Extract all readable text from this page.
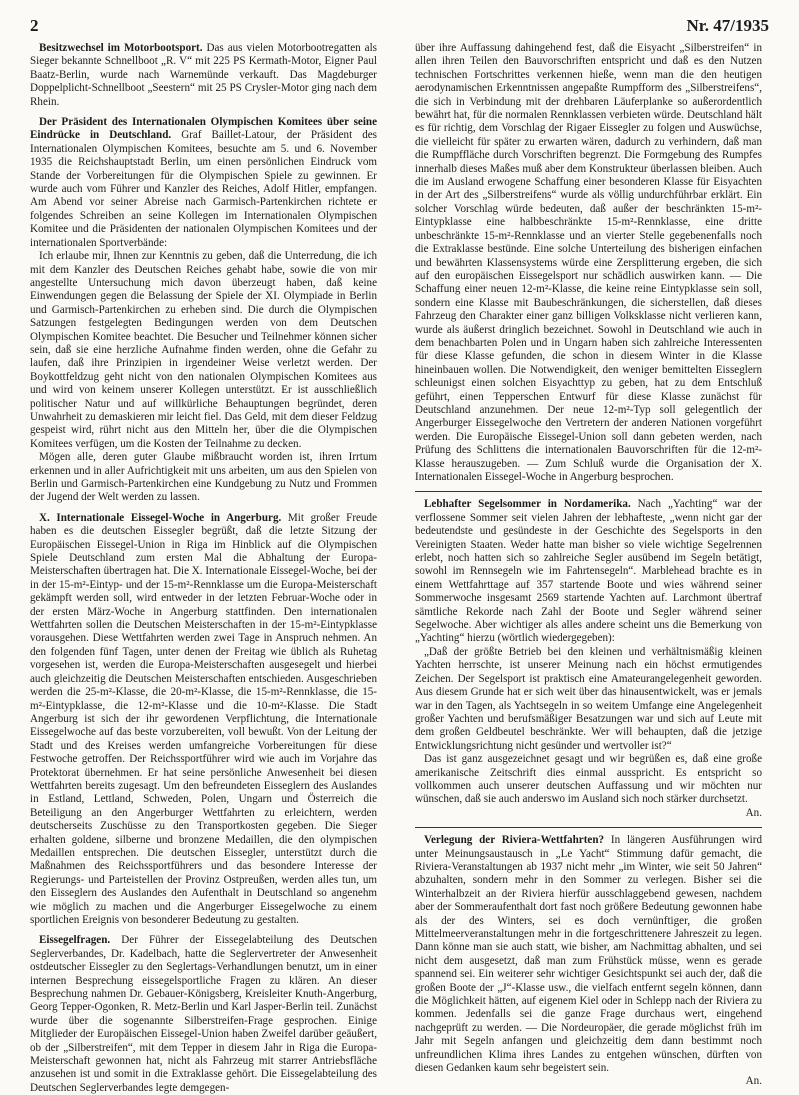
2	Nr. 47/1935

Besitzwechsel im Motorbootsport. Das aus vielen Motorbootregatten als Sieger bekannte Schnellboot „R. V“ mit 225 PS Kermath-Motor, Eigner Paul Baatz-Berlin, wurde nach Warnemünde verkauft. Das Magdeburger Doppelplicht-Schnellboot „Seestern“ mit 25 PS Crysler-Motor ging nach dem Rhein.

Der Präsident des Internationalen Olympischen Komitees über seine Eindrücke in Deutschland. Graf Baillet-Latour, der Präsident des Internationalen Olympischen Komitees, besuchte am 5. und 6. November 1935 die Reichshauptstadt Berlin, um einen persönlichen Eindruck vom Stande der Vorbereitungen für die Olympischen Spiele zu gewinnen. Er wurde auch vom Führer und Kanzler des Reiches, Adolf Hitler, empfangen. Am Abend vor seiner Abreise nach Garmisch-Partenkirchen richtete er folgendes Schreiben an seine Kollegen im Internationalen Olympischen Komitee und die Präsidenten der nationalen Olympischen Komitees und der internationalen Sportverbände:

Ich erlaube mir, Ihnen zur Kenntnis zu geben, daß die Unterredung, die ich mit dem Kanzler des Deutschen Reiches gehabt habe, sowie die von mir angestellte Untersuchung mich davon überzeugt haben, daß keine Einwendungen gegen die Belassung der Spiele der XI. Olympiade in Berlin und Garmisch-Partenkirchen zu erheben sind. Die durch die Olympischen Satzungen festgelegten Bedingungen werden von dem Deutschen Olympischen Komitee beachtet. Die Besucher und Teilnehmer können sicher sein, daß sie eine herzliche Aufnahme finden werden, ohne die Gefahr zu laufen, daß ihre Prinzipien in irgendeiner Weise verletzt werden. Der Boykottfeldzug geht nicht von den nationalen Olympischen Komitees aus und wird von keinem unserer Kollegen unterstützt. Er ist ausschließlich politischer Natur und auf willkürliche Behauptungen begründet, deren Unwahrheit zu demaskieren mir leicht fiel. Das Geld, mit dem dieser Feldzug gespeist wird, rührt nicht aus den Mitteln her, über die die Olympischen Komitees verfügen, um die Kosten der Teilnahme zu decken.

Mögen alle, deren guter Glaube mißbraucht worden ist, ihren Irrtum erkennen und in aller Aufrichtigkeit mit uns arbeiten, um aus den Spielen von Berlin und Garmisch-Partenkirchen eine Kundgebung zu Nutz und Frommen der Jugend der Welt werden zu lassen.

X. Internationale Eissegel-Woche in Angerburg. Mit großer Freude haben es die deutschen Eissegler begrüßt, daß die letzte Sitzung der Europäischen Eissegel-Union in Riga im Hinblick auf die Olympischen Spiele Deutschland zum ersten Mal die Abhaltung der Europa-Meisterschaften übertragen hat. Die X. Internationale Eissegel-Woche, bei der in der 15-m²-Eintyp- und der 15-m²-Rennklasse um die Europa-Meisterschaft gekämpft werden soll, wird entweder in der letzten Februar-Woche oder in der ersten März-Woche in Angerburg stattfinden. Den internationalen Wettfahrten sollen die Deutschen Meisterschaften in der 15-m²-Eintypklasse vorausgehen. Diese Wettfahrten werden zwei Tage in Anspruch nehmen. An den folgenden fünf Tagen, unter denen der Freitag wie üblich als Ruhetag vorgesehen ist, werden die Europa-Meisterschaften ausgesegelt und hierbei auch gleichzeitig die Deutschen Meisterschaften entschieden. Ausgeschrieben werden die 25-m²-Klasse, die 20-m²-Klasse, die 15-m²-Rennklasse, die 15-m²-Eintypklasse, die 12-m²-Klasse und die 10-m²-Klasse. Die Stadt Angerburg ist sich der ihr gewordenen Verpflichtung, die Internationale Eissegelwoche auf das beste vorzubereiten, voll bewußt. Von der Leitung der Stadt und des Kreises werden umfangreiche Vorbereitungen für diese Festwoche getroffen. Der Reichssportführer wird wie auch im Vorjahre das Protektorat übernehmen. Er hat seine persönliche Anwesenheit bei diesen Wettfahrten bereits zugesagt. Um den befreundeten Eisseglern des Auslandes in Estland, Lettland, Schweden, Polen, Ungarn und Österreich die Beteiligung an den Angerburger Wettfahrten zu erleichtern, werden deutscherseits Zuschüsse zu den Transportkosten gegeben. Die Sieger erhalten goldene, silberne und bronzene Medaillen, die den olympischen Medaillen entsprechen. Die deutschen Eissegler, unterstützt durch die Maßnahmen des Reichssportführers und das besondere Interesse der Regierungs- und Parteistellen der Provinz Ostpreußen, werden alles tun, um den Eisseglern des Auslandes den Aufenthalt in Deutschland so angenehm wie möglich zu machen und die Angerburger Eissegelwoche zu einem sportlichen Ereignis von besonderer Bedeutung zu gestalten.

Eissegelfragen. Der Führer der Eissegelabteilung des Deutschen Seglerverbandes, Dr. Kadelbach, hatte die Seglervertreter der Anwesenheit ostdeutscher Eissegler zu den Seglertags-Verhandlungen benutzt, um in einer internen Besprechung eissegelsportliche Fragen zu klären. An dieser Besprechung nahmen Dr. Gebauer-Königsberg, Kreisleiter Knuth-Angerburg, Georg Tepper-Ogonken, R. Metz-Berlin und Karl Jasper-Berlin teil. Zunächst wurde über die sogenannte Silberstreifen-Frage gesprochen. Einige Mitglieder der Europäischen Eissegel-Union haben Zweifel darüber geäußert, ob der „Silberstreifen“, mit dem Tepper in diesem Jahr in Riga die Europa-Meisterschaft gewonnen hat, nicht als Fahrzeug mit starrer Antriebsfläche anzusehen ist und somit in die Extraklasse gehört. Die Eissegelabteilung des Deutschen Seglerverbandes legte demgegen-

über ihre Auffassung dahingehend fest, daß die Eisyacht „Silberstreifen“ in allen ihren Teilen den Bauvorschriften entspricht und daß es den Nutzen technischen Fortschrittes verkennen hieße, wenn man die den heutigen aerodynamischen Erkenntnissen angepaßte Rumpfform des „Silberstreifens“, die sich in Verbindung mit der drehbaren Läuferplanke so außerordentlich bewährt hat, für die normalen Rennklassen verbieten würde. Deutschland hält es für richtig, dem Vorschlag der Rigaer Eissegler zu folgen und Auswüchse, die vielleicht für später zu erwarten wären, dadurch zu verhindern, daß man die Rumpffläche durch Vorschriften begrenzt. Die Formgebung des Rumpfes innerhalb dieses Maßes muß aber dem Konstrukteur überlassen bleiben. Auch die im Ausland erwogene Schaffung einer besonderen Klasse für Eisyachten in der Art des „Silberstreifens“ wurde als völlig undurchführbar erklärt. Ein solcher Vorschlag würde bedeuten, daß außer der beschränkten 15-m²-Eintypklasse eine halbbeschränkte 15-m²-Rennklasse, eine dritte unbeschränkte 15-m²-Rennklasse und an vierter Stelle gegebenenfalls noch die Extraklasse bestünde. Eine solche Unterteilung des bisherigen einfachen und bewährten Klassensystems würde eine Zersplitterung ergeben, die sich auf den europäischen Eissegelsport nur schädlich auswirken kann. — Die Schaffung einer neuen 12-m²-Klasse, die keine reine Eintypklasse sein soll, sondern eine Klasse mit Baubeschränkungen, die sicherstellen, daß dieses Fahrzeug den Charakter einer ganz billigen Volksklasse nicht verlieren kann, wurde als äußerst dringlich bezeichnet. Sowohl in Deutschland wie auch in dem benachbarten Polen und in Ungarn haben sich zahlreiche Interessenten für diese Klasse gefunden, die schon in diesem Winter in die Klasse hineinbauen wollen. Die Notwendigkeit, den weniger bemittelten Eisseglern schleunigst einen solchen Eisyachttyp zu geben, hat zu dem Entschluß geführt, einen Tepperschen Entwurf für diese Klasse zunächst für Deutschland anzunehmen. Der neue 12-m²-Typ soll gelegentlich der Angerburger Eissegelwoche den Vertretern der anderen Nationen vorgeführt werden. Die Europäische Eissegel-Union soll dann gebeten werden, nach Prüfung des Schlittens die internationalen Bauvorschriften für die 12-m²-Klasse herauszugeben. — Zum Schluß wurde die Organisation der X. Internationalen Eissegel-Woche in Angerburg besprochen.

Lebhafter Segelsommer in Nordamerika. Nach „Yachting“ war der verflossene Sommer seit vielen Jahren der lebhafteste, „wenn nicht gar der bedeutendste und gesündeste in der Geschichte des Segelsports in den Vereinigten Staaten. Weder hatte man bisher so viele wichtige Segelrennen erlebt, noch hatten sich so zahlreiche Segler ausübend im Segeln betätigt, sowohl im Rennsegeln wie im Fahrtensegeln“. Marblehead brachte es in einem Wettfahrttage auf 357 startende Boote und wies während seiner Sommerwoche insgesamt 2569 startende Yachten auf. Larchmont übertraf sämtliche Rekorde nach Zahl der Boote und Segler während seiner Segelwoche. Aber wichtiger als alles andere scheint uns die Bemerkung von „Yachting“ hierzu (wörtlich wiedergegeben):

„Daß der größte Betrieb bei den kleinen und verhältnismäßig kleinen Yachten herrschte, ist unserer Meinung nach ein höchst ermutigendes Zeichen. Der Segelsport ist praktisch eine Amateurangelegenheit geworden. Aus diesem Grunde hat er sich weit über das hinausentwickelt, was er jemals war in den Tagen, als Yachtsegeln in so weitem Umfange eine Angelegenheit großer Yachten und berufsmäßiger Besatzungen war und sich auf Leute mit dem großen Geldbeutel beschränkte. Wer will behaupten, daß die jetzige Entwicklungsrichtung nicht gesünder und wertvoller ist?“

Das ist ganz ausgezeichnet gesagt und wir begrüßen es, daß eine große amerikanische Zeitschrift dies einmal ausspricht. Es entspricht so vollkommen auch unserer deutschen Auffassung und wir möchten nur wünschen, daß sie auch anderswo im Ausland sich noch stärker durchsetzt.

An.

Verlegung der Riviera-Wettfahrten? In längeren Ausführungen wird unter Meinungsaustausch in „Le Yacht“ Stimmung dafür gemacht, die Riviera-Veranstaltungen ab 1937 nicht mehr „im Winter, wie seit 50 Jahren“ abzuhalten, sondern mehr in den Sommer zu verlegen. Bisher sei die Winterhalbzeit an der Riviera hierfür ausschlaggebend gewesen, nachdem aber der Sommeraufenthalt dort fast noch größere Bedeutung gewonnen habe als der des Winters, sei es doch vernünftiger, die großen Mittelmeerveranstaltungen mehr in die fortgeschrittenere Jahreszeit zu legen. Dann könne man sie auch statt, wie bisher, am Nachmittag abhalten, und sei nicht dem ausgesetzt, daß man zum Frühstück müsse, wenn es gerade spannend sei. Ein weiterer sehr wichtiger Gesichtspunkt sei auch der, daß die großen Boote der „J“-Klasse usw., die vielfach entfernt segeln können, dann die Möglichkeit hätten, auf eigenem Kiel oder in Schlepp nach der Riviera zu kommen. Jedenfalls sei die ganze Frage durchaus wert, eingehend nachgeprüft zu werden. — Die Nordeuropäer, die gerade möglichst früh im Jahr mit Segeln anfangen und gleichzeitig dem dann bestimmt noch unfreundlichen Klima ihres Landes zu entgehen wünschen, dürften von diesen Gedanken kaum sehr begeistert sein.

An.
